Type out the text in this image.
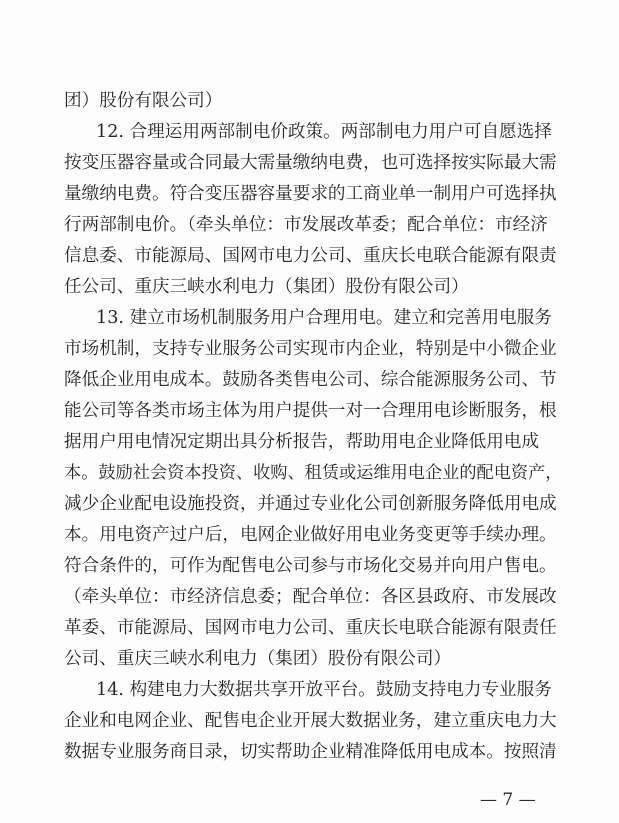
团）股份有限公司）
12. 合理运用两部制电价政策。两部制电力用户可自愿选择
按变压器容量或合同最大需量缴纳电费，也可选择按实际最大需
量缴纳电费。符合变压器容量要求的工商业单一制用户可选择执
行两部制电价。（牵头单位：市发展改革委；配合单位：市经济
信息委、市能源局、国网市电力公司、重庆长电联合能源有限责
任公司、重庆三峡水利电力（集团）股份有限公司）
13. 建立市场机制服务用户合理用电。建立和完善用电服务
市场机制，支持专业服务公司实现市内企业，特别是中小微企业
降低企业用电成本。鼓励各类售电公司、综合能源服务公司、节
能公司等各类市场主体为用户提供一对一合理用电诊断服务，根
据用户用电情况定期出具分析报告，帮助用电企业降低用电成
本。鼓励社会资本投资、收购、租赁或运维用电企业的配电资产，
减少企业配电设施投资，并通过专业化公司创新服务降低用电成
本。用电资产过户后，电网企业做好用电业务变更等手续办理。
符合条件的，可作为配售电公司参与市场化交易并向用户售电。
（牵头单位：市经济信息委；配合单位：各区县政府、市发展改
革委、市能源局、国网市电力公司、重庆长电联合能源有限责任
公司、重庆三峡水利电力（集团）股份有限公司）
14. 构建电力大数据共享开放平台。鼓励支持电力专业服务
企业和电网企业、配售电企业开展大数据业务，建立重庆电力大
数据专业服务商目录，切实帮助企业精准降低用电成本。按照清
— 7 —
